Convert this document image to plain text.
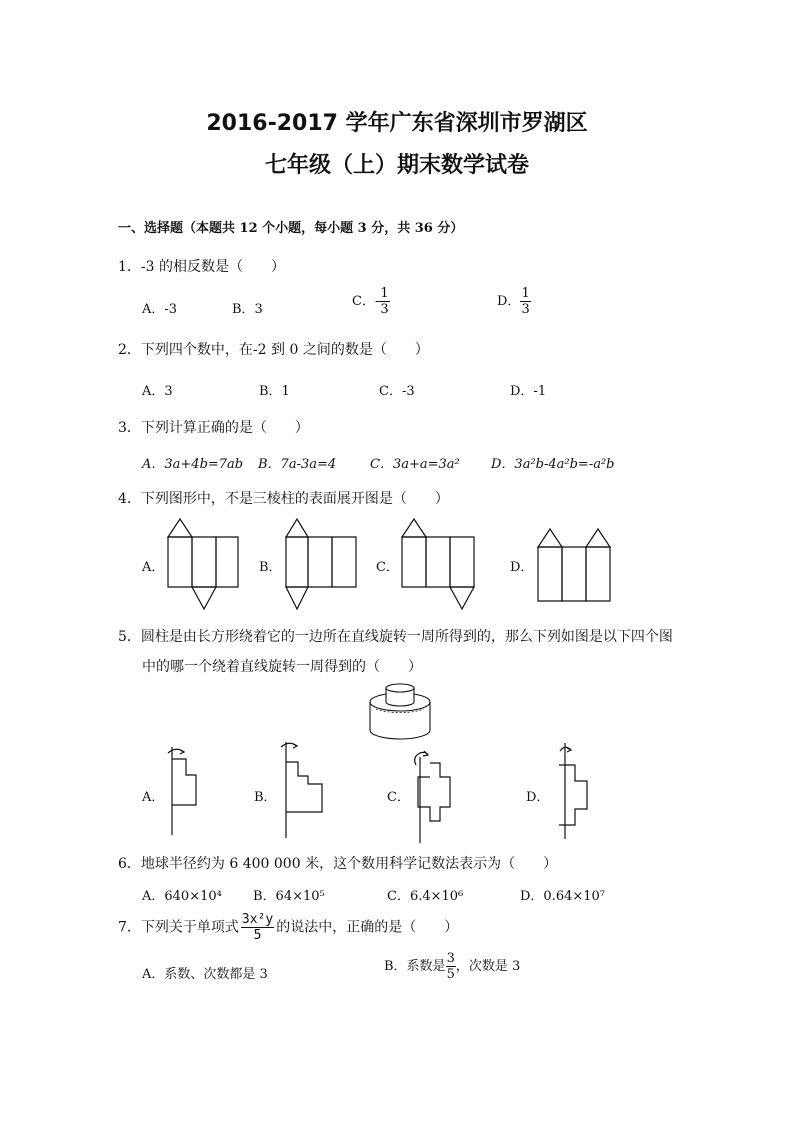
2016-2017 学年广东省深圳市罗湖区
七年级（上）期末数学试卷
一、选择题（本题共 12 个小题，每小题 3 分，共 36 分）
1．-3 的相反数是（　　）
A．-3	B．3
C．- $\frac{1}{3}$	D． $\frac{1}{3}$
2．下列四个数中，在-2 到 0 之间的数是（　　）
A．3	B．1	C．-3	D．-1
3．下列计算正确的是（　　）
A．3a+4b=7ab B．7a-3a=4	C．3a+a=3a² D．3a²b-4a²b=-a²b
4．下列图形中，不是三棱柱的表面展开图是（　　）
A．	B．	C．	D．
5．圆柱是由长方形绕着它的一边所在直线旋转一周所得到的，那么下列如图是以下四个图
中的哪一个绕着直线旋转一周得到的（　　）
A．	B．	C．	D．
6．地球半径约为 6 400 000 米，这个数用科学记数法表示为（　　）
A．640×10⁴ B．64×10⁵	C．6.4×10⁶	D．0.64×10⁷
7．下列关于单项式 $\frac{\text{3x²y}}{5}$ 的说法中，正确的是（　　）
A．系数、次数都是 3
B．系数是 $\frac{3}{5}$ ，次数是 3
